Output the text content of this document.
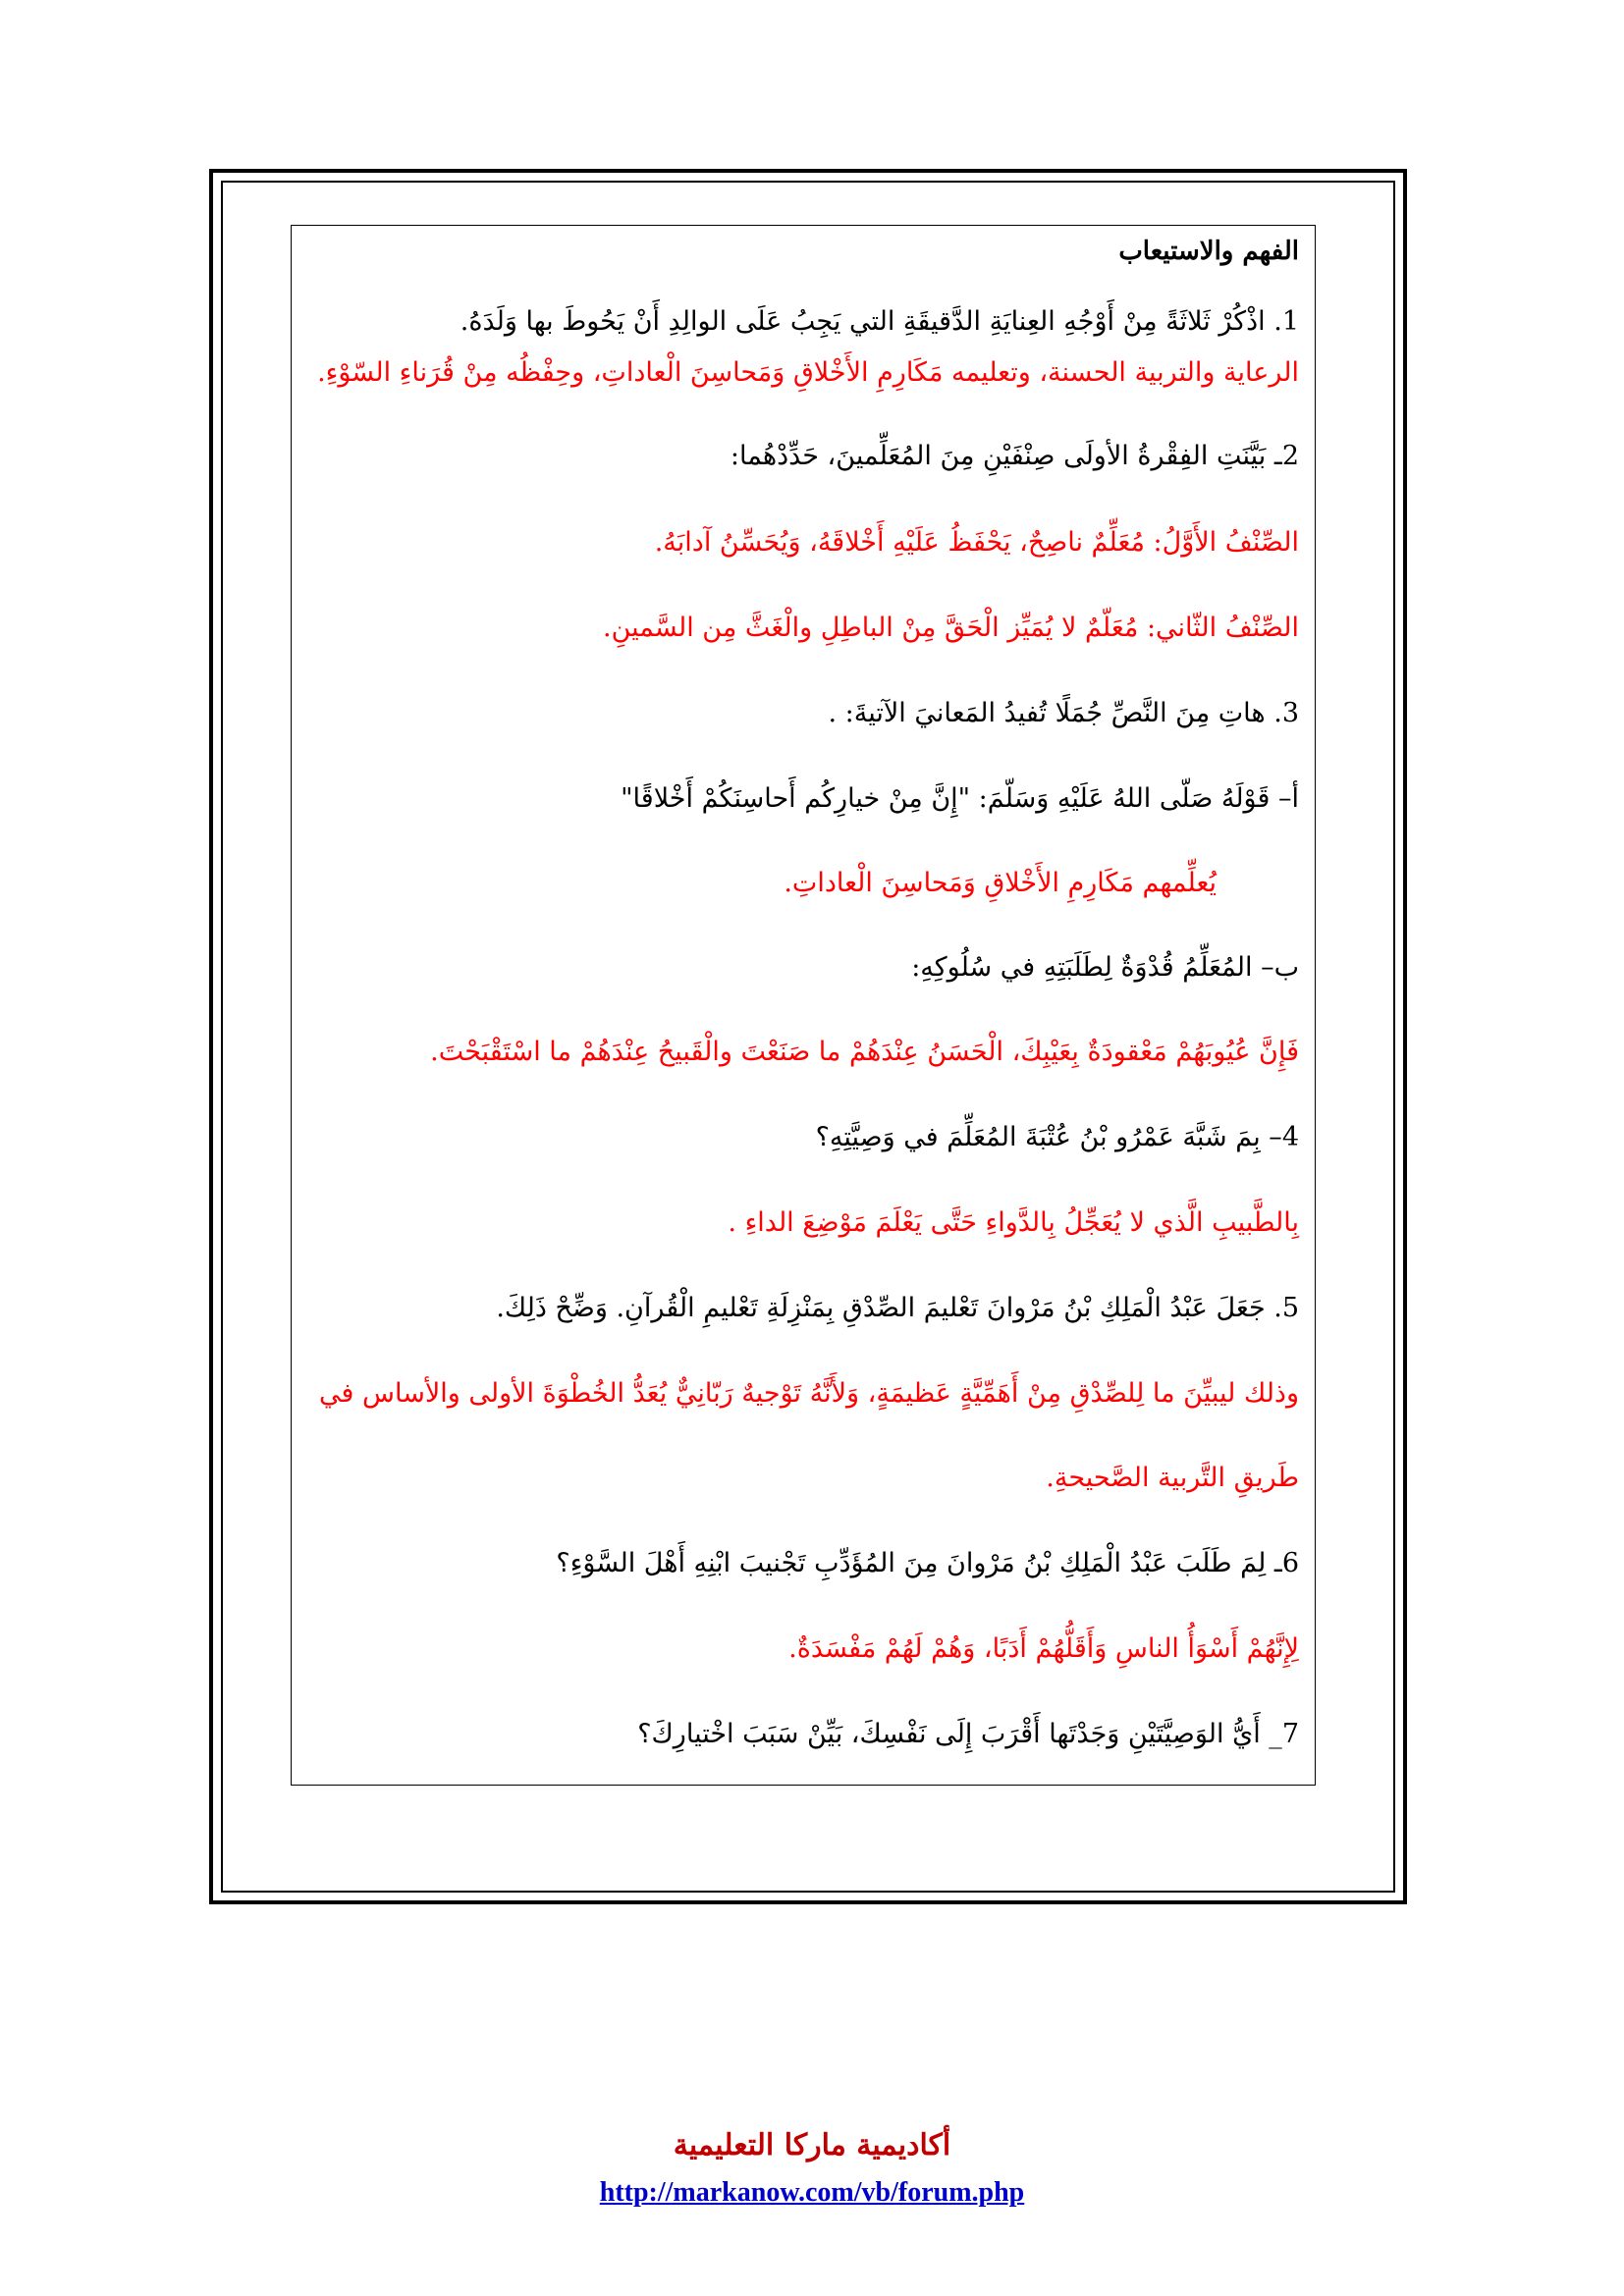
الفهم والاستيعاب
1. اذْكُرْ ثَلاثَةً مِنْ أَوْجُهِ العِنايَةِ الدَّقيقَةِ التي يَجِبُ عَلَى الوالِدِ أَنْ يَحُوطَ بها وَلَدَهُ.
الرعاية والتربية الحسنة، وتعليمه مَكَارِمِ الأَخْلاقِ وَمَحاسِنَ الْعاداتِ، وحِفْظُه مِنْ قُرَناءِ السّوْءِ.
2ـ بَيَّنَتِ الفِقْرةُ الأولَى صِنْفَيْنِ مِنَ المُعَلِّمينَ، حَدِّدْهُما:
الصِّنْفُ الأَوَّلُ: مُعَلِّمٌ ناصِحٌ، يَحْفَظُ عَلَيْهِ أَخْلاقَهُ، وَيُحَسِّنُ آدابَهُ.
الصِّنْفُ الثّاني: مُعَلّمٌ لا يُمَيِّز الْحَقَّ مِنْ الباطِلِ والْغَثَّ مِن السَّمينِ.
3. هاتِ مِنَ النَّصِّ جُمَلًا تُفيدُ المَعانيَ الآتيةَ: .
أ– قَوْلَهُ صَلّى اللهُ عَلَيْهِ وَسَلّمَ: "إِنَّ مِنْ خيارِكُم أَحاسِنَكُمْ أَخْلاقًا"
يُعلِّمهم مَكَارِمِ الأَخْلاقِ وَمَحاسِنَ الْعاداتِ.
ب– المُعَلِّمُ قُدْوَةٌ لِطَلَبَتِهِ في سُلُوكِهِ:
فَإِنَّ عُيُوبَهُمْ مَعْقودَةٌ بِعَيْبِكَ، الْحَسَنُ عِنْدَهُمْ ما صَنَعْتَ والْقَبيحُ عِنْدَهُمْ ما اسْتَقْبَحْتَ.
4– بِمَ شَبَّهَ عَمْرُو بْنُ عُتْبَةَ المُعَلِّمَ في وَصِيَّتِهِ؟
بِالطَّبيبِ الَّذي لا يُعَجِّلُ بِالدَّواءِ حَتَّى يَعْلَمَ مَوْضِعَ الداءِ .
5. جَعَلَ عَبْدُ الْمَلِكِ بْنُ مَرْوانَ تَعْليمَ الصِّدْقِ بِمَنْزِلَةِ تَعْليمِ الْقُرآنِ. وَضِّحْ ذَلِكَ.
وذلك ليبيِّنَ ما لِلصِّدْقِ مِنْ أَهَمِّيَّةٍ عَظيمَةٍ، وَلأَنَّهُ تَوْجيهٌ رَبّانِيٌّ يُعَدُّ الخُطْوَةَ الأولى والأساس في
طَريقِ التَّربية الصَّحيحةِ.
6ـ لِمَ طَلَبَ عَبْدُ الْمَلِكِ بْنُ مَرْوانَ مِنَ المُؤَدِّبِ تَجْنيبَ ابْنِهِ أَهْلَ السَّوْءِ؟
لِإِنَّهُمْ أَسْوَأُ الناسِ وَأَقَلُّهُمْ أَدَبًا، وَهُمْ لَهُمْ مَفْسَدَةٌ.
7_ أَيُّ الوَصِيَّتَيْنِ وَجَدْتَها أَقْرَبَ إِلَى نَفْسِكَ، بَيِّنْ سَبَبَ اخْتيارِكَ؟
أكاديمية ماركا التعليمية
http://markanow.com/vb/forum.php
